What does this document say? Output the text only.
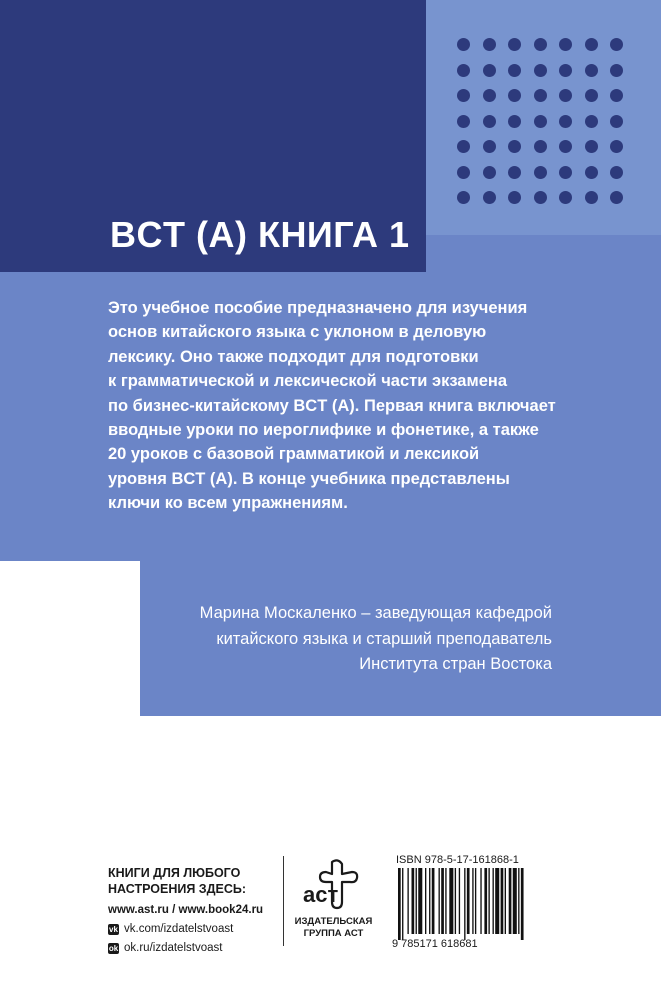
BCT (A) КНИГА 1

Это учебное пособие предназначено для изучения
основ китайского языка с уклоном в деловую
лексику. Оно также подходит для подготовки
к грамматической и лексической части экзамена
по бизнес-китайскому BCT (A). Первая книга включает
вводные уроки по иероглифике и фонетике, а также
20 уроков с базовой грамматикой и лексикой
уровня BCT (A). В конце учебника представлены
ключи ко всем упражнениям.

Марина Москаленко – заведующая кафедрой
китайского языка и старший преподаватель
Института стран Востока

КНИГИ ДЛЯ ЛЮБОГО
НАСТРОЕНИЯ ЗДЕСЬ:

www.ast.ru / www.book24.ru
vk vk.com/izdatelstvoast
ok ok.ru/izdatelstvoast
аст
ИЗДАТЕЛЬСКАЯ
ГРУППА АСТ
ISBN 978-5-17-161868-1
9 785171 618681
